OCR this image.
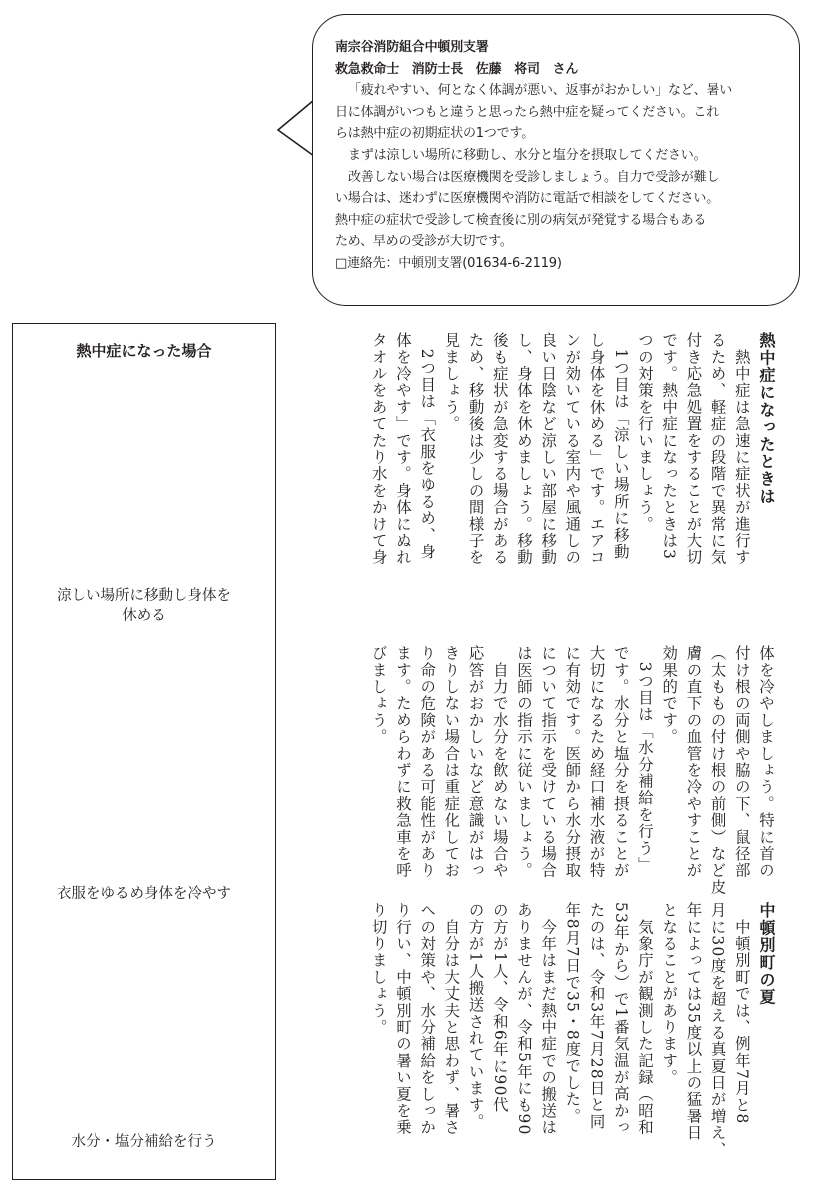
南宗谷消防組合中頓別支署
救急救命士　消防士長　佐藤　将司　さん
「疲れやすい、何となく体調が悪い、返事がおかしい」など、暑い
日に体調がいつもと違うと思ったら熱中症を疑ってください。これ
らは熱中症の初期症状の1つです。
まずは涼しい場所に移動し、水分と塩分を摂取してください。
改善しない場合は医療機関を受診しましょう。自力で受診が難し
い場合は、迷わずに医療機関や消防に電話で相談をしてください。
熱中症の症状で受診して検査後に別の病気が発覚する場合もある
ため、早めの受診が大切です。
□連絡先：中頓別支署(01634-6-2119)
熱中症になった場合
涼しい場所に移動し身体を
休める
衣服をゆるめ身体を冷やす
水分・塩分補給を行う
熱中症になったときは
　熱中症は急速に症状が進行す
るため、軽症の段階で異常に気
付き応急処置をすることが大切
です。熱中症になったときは3
つの対策を行いましょう。
　1つ目は「涼しい場所に移動
し身体を休める」です。エアコ
ンが効いている室内や風通しの
良い日陰など涼しい部屋に移動
し、身体を休めましょう。移動
後も症状が急変する場合がある
ため、移動後は少しの間様子を
見ましょう。
　2つ目は「衣服をゆるめ、身
体を冷やす」です。身体にぬれ
タオルをあてたり水をかけて身
体を冷やしましょう。特に首の
付け根の両側や脇の下、鼠径部
（太ももの付け根の前側）など皮
膚の直下の血管を冷やすことが
効果的です。
　3つ目は「水分補給を行う」
です。水分と塩分を摂ることが
大切になるため経口補水液が特
に有効です。医師から水分摂取
について指示を受けている場合
は医師の指示に従いましょう。
　自力で水分を飲めない場合や
応答がおかしいなど意識がはっ
きりしない場合は重症化してお
り命の危険がある可能性があり
ます。ためらわずに救急車を呼
びましょう。
中頓別町の夏
　中頓別町では、例年7月と8
月に30度を超える真夏日が増え、
年によっては35度以上の猛暑日
となることがあります。
　気象庁が観測した記録（昭和
53年から）で1番気温が高かっ
たのは、令和3年7月28日と同
年8月7日で35・8度でした。
　今年はまだ熱中症での搬送は
ありませんが、令和5年にも90
の方が1人、令和6年に90代
の方が1人搬送されています。
　自分は大丈夫と思わず、暑さ
への対策や、水分補給をしっか
り行い、中頓別町の暑い夏を乗
り切りましょう。
